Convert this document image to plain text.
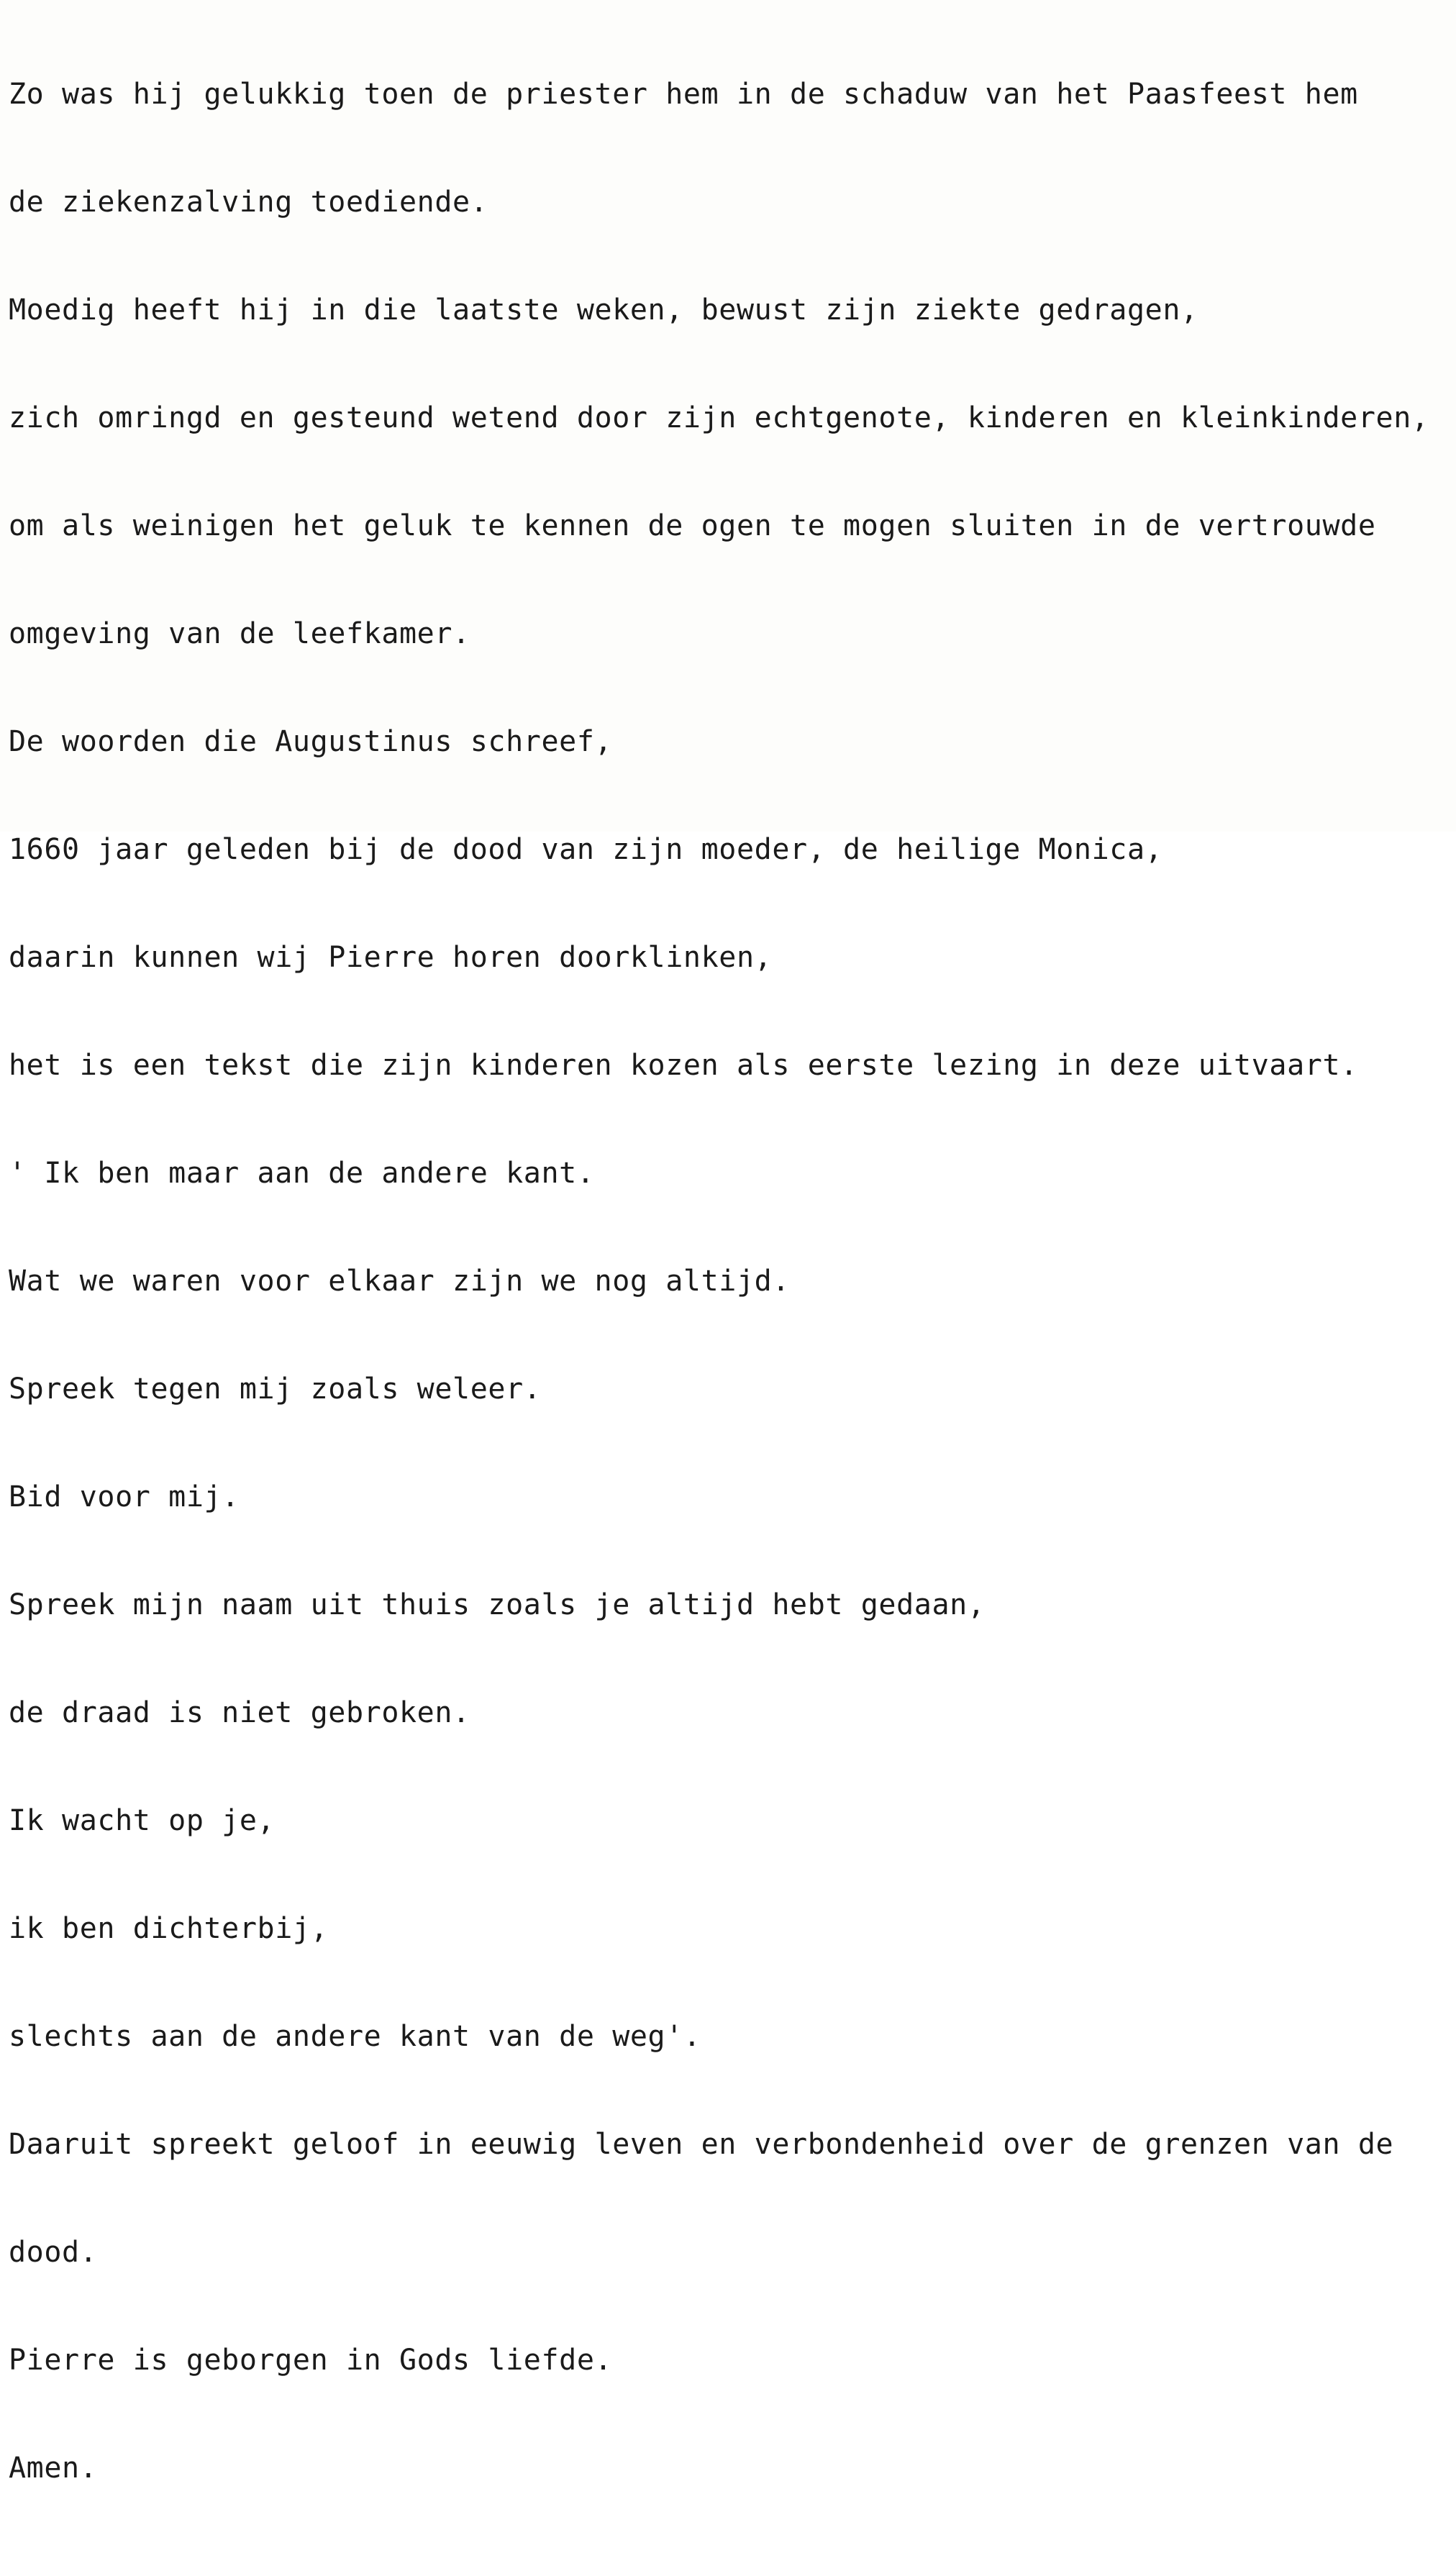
Zo was hij gelukkig toen de priester hem in de schaduw van het Paasfeest hem

de ziekenzalving toediende.

Moedig heeft hij in die laatste weken, bewust zijn ziekte gedragen,

zich omringd en gesteund wetend door zijn echtgenote, kinderen en kleinkinderen,

om als weinigen het geluk te kennen de ogen te mogen sluiten in de vertrouwde

omgeving van de leefkamer.

De woorden die Augustinus schreef,

1660 jaar geleden bij de dood van zijn moeder, de heilige Monica,

daarin kunnen wij Pierre horen doorklinken,

het is een tekst die zijn kinderen kozen als eerste lezing in deze uitvaart.

' Ik ben maar aan de andere kant.

Wat we waren voor elkaar zijn we nog altijd.

Spreek tegen mij zoals weleer.

Bid voor mij.

Spreek mijn naam uit thuis zoals je altijd hebt gedaan,

de draad is niet gebroken.

Ik wacht op je,

ik ben dichterbij,

slechts aan de andere kant van de weg'.

Daaruit spreekt geloof in eeuwig leven en verbondenheid over de grenzen van de

dood.

Pierre is geborgen in Gods liefde.

Amen.
